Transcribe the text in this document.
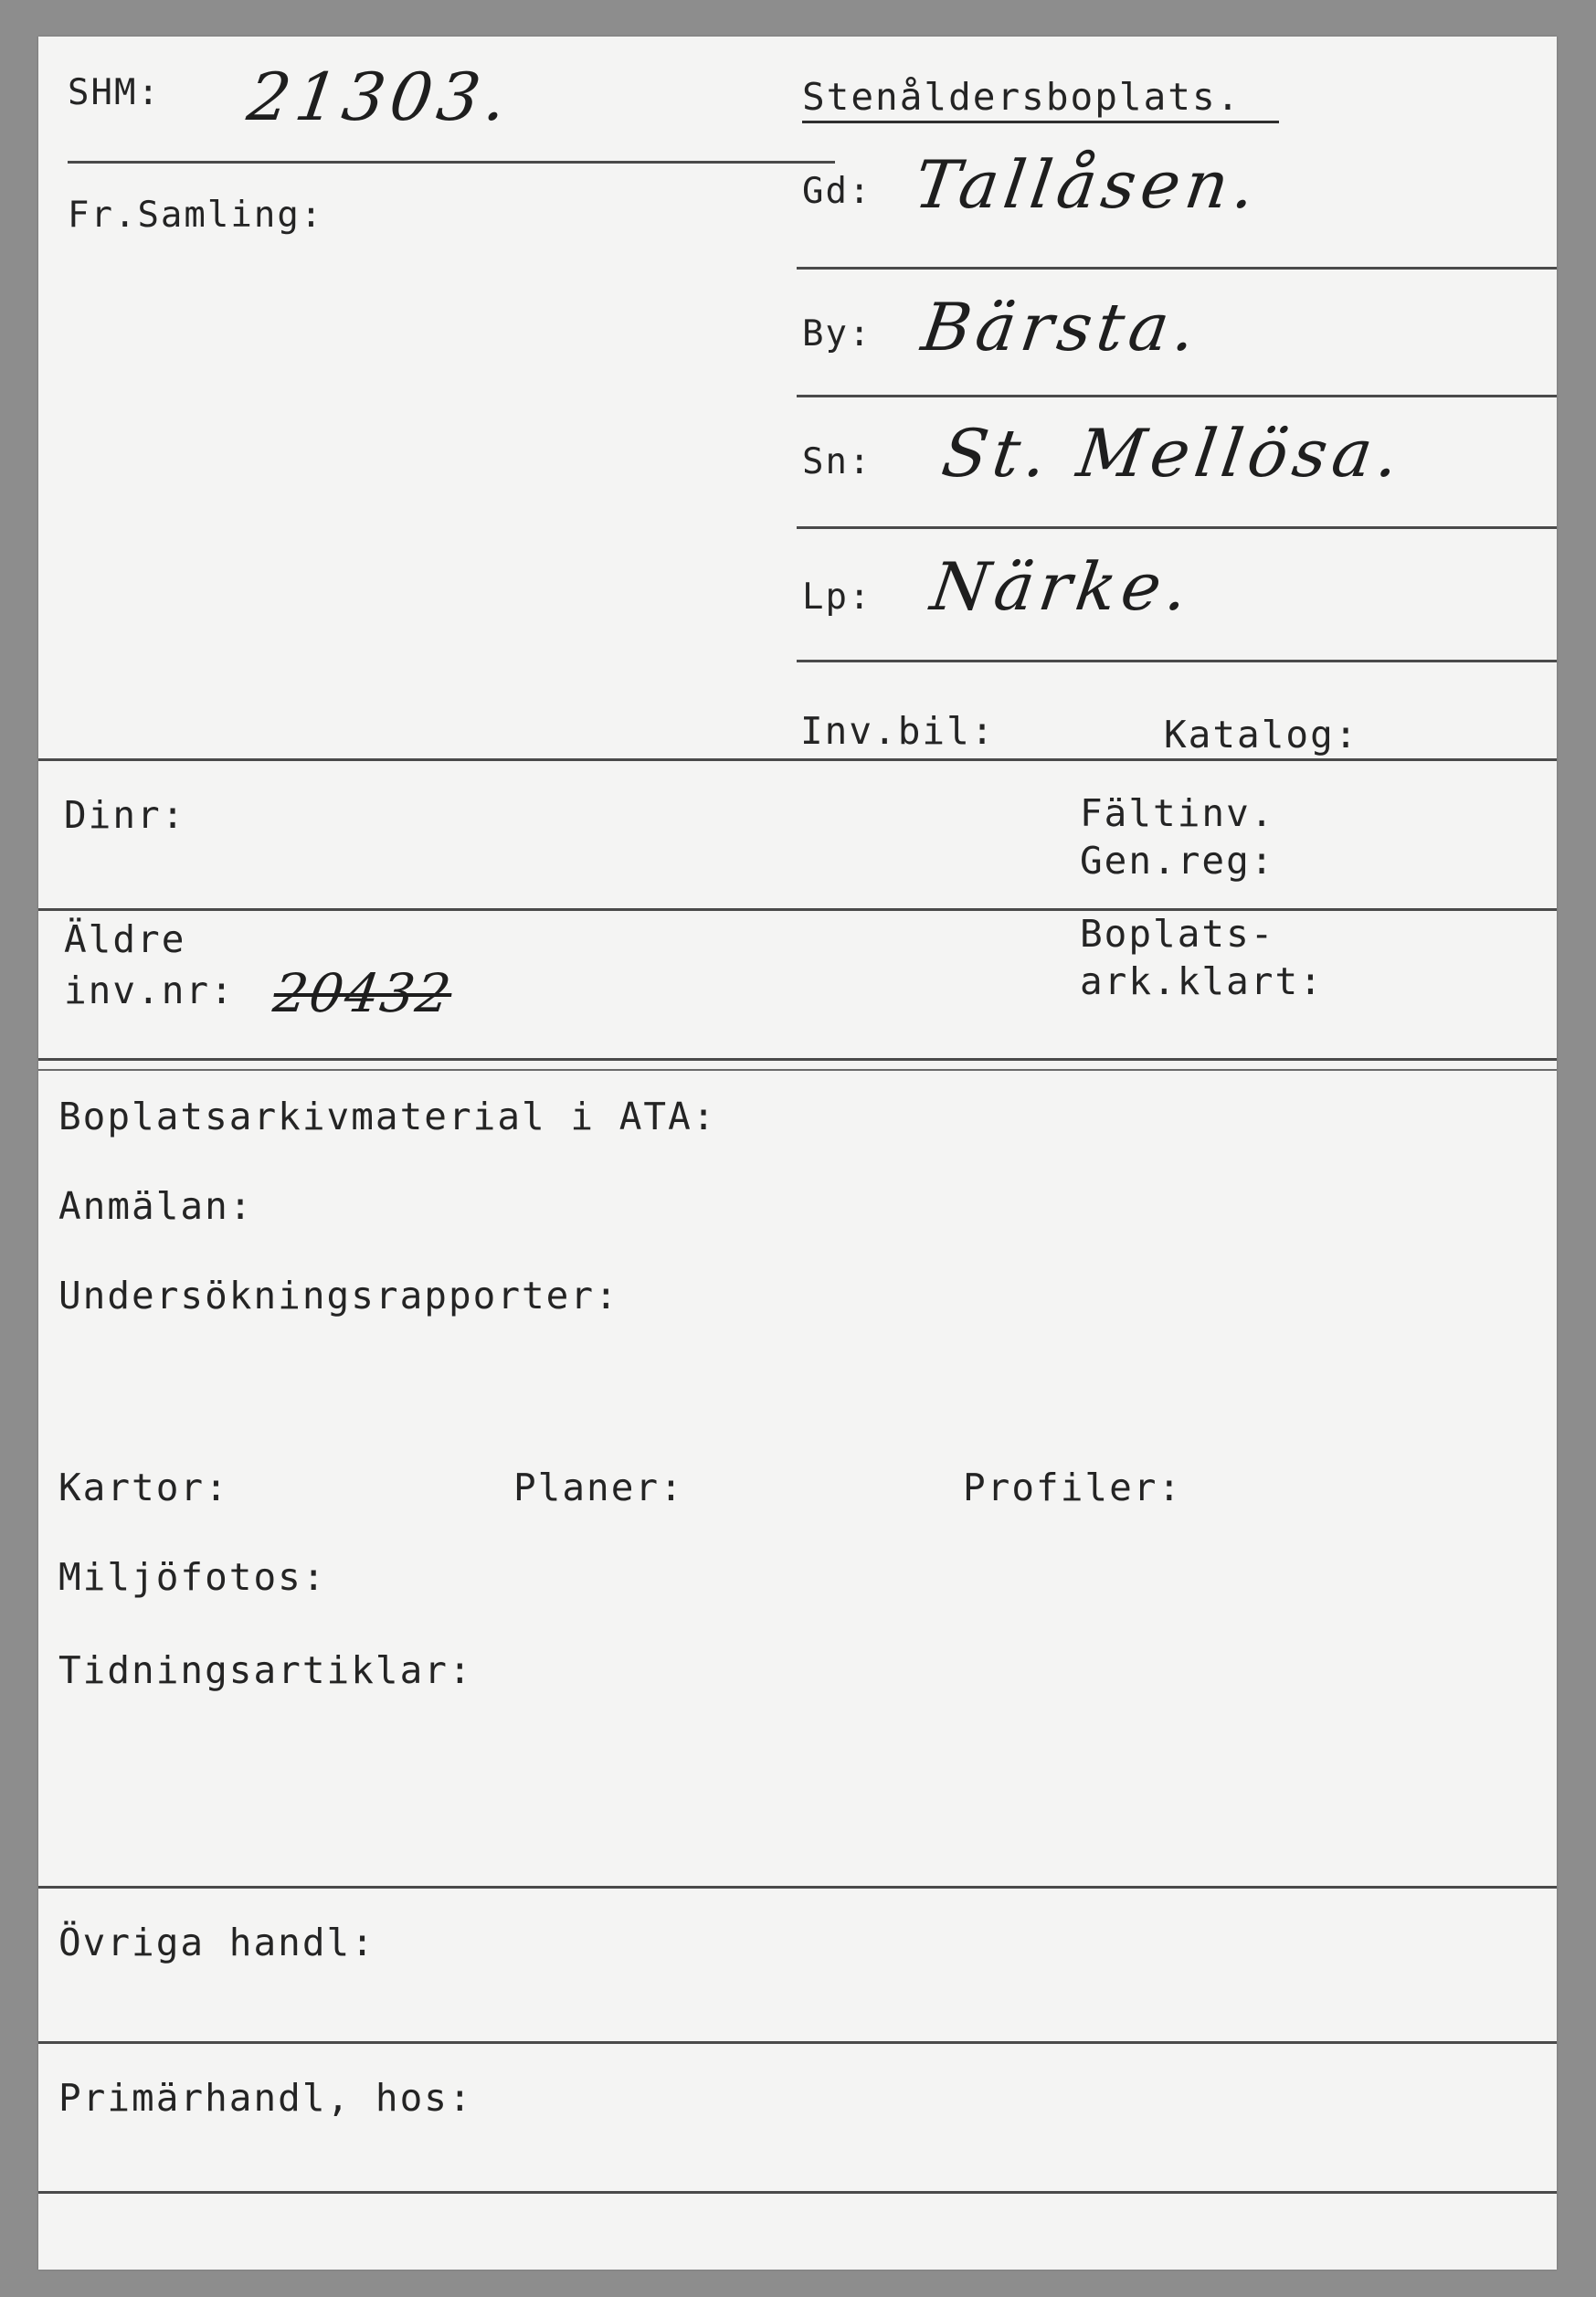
SHM: 21303.
Fr.Samling:
Stenåldersboplats.
Gd: Tallåsen.
By: Bärsta.
Sn: St. Mellösa.
Lp: Närke.
Inv.bil:	Katalog:
Dinr:	Fältinv.
Gen.reg:
Äldre
inv.nr: 20432
Boplats-
ark.klart:
Boplatsarkivmaterial i ATA:
Anmälan:
Undersökningsrapporter:
Kartor:	Planer:	Profiler:
Miljöfotos:
Tidningsartiklar:
Övriga handl:
Primärhandl, hos:
